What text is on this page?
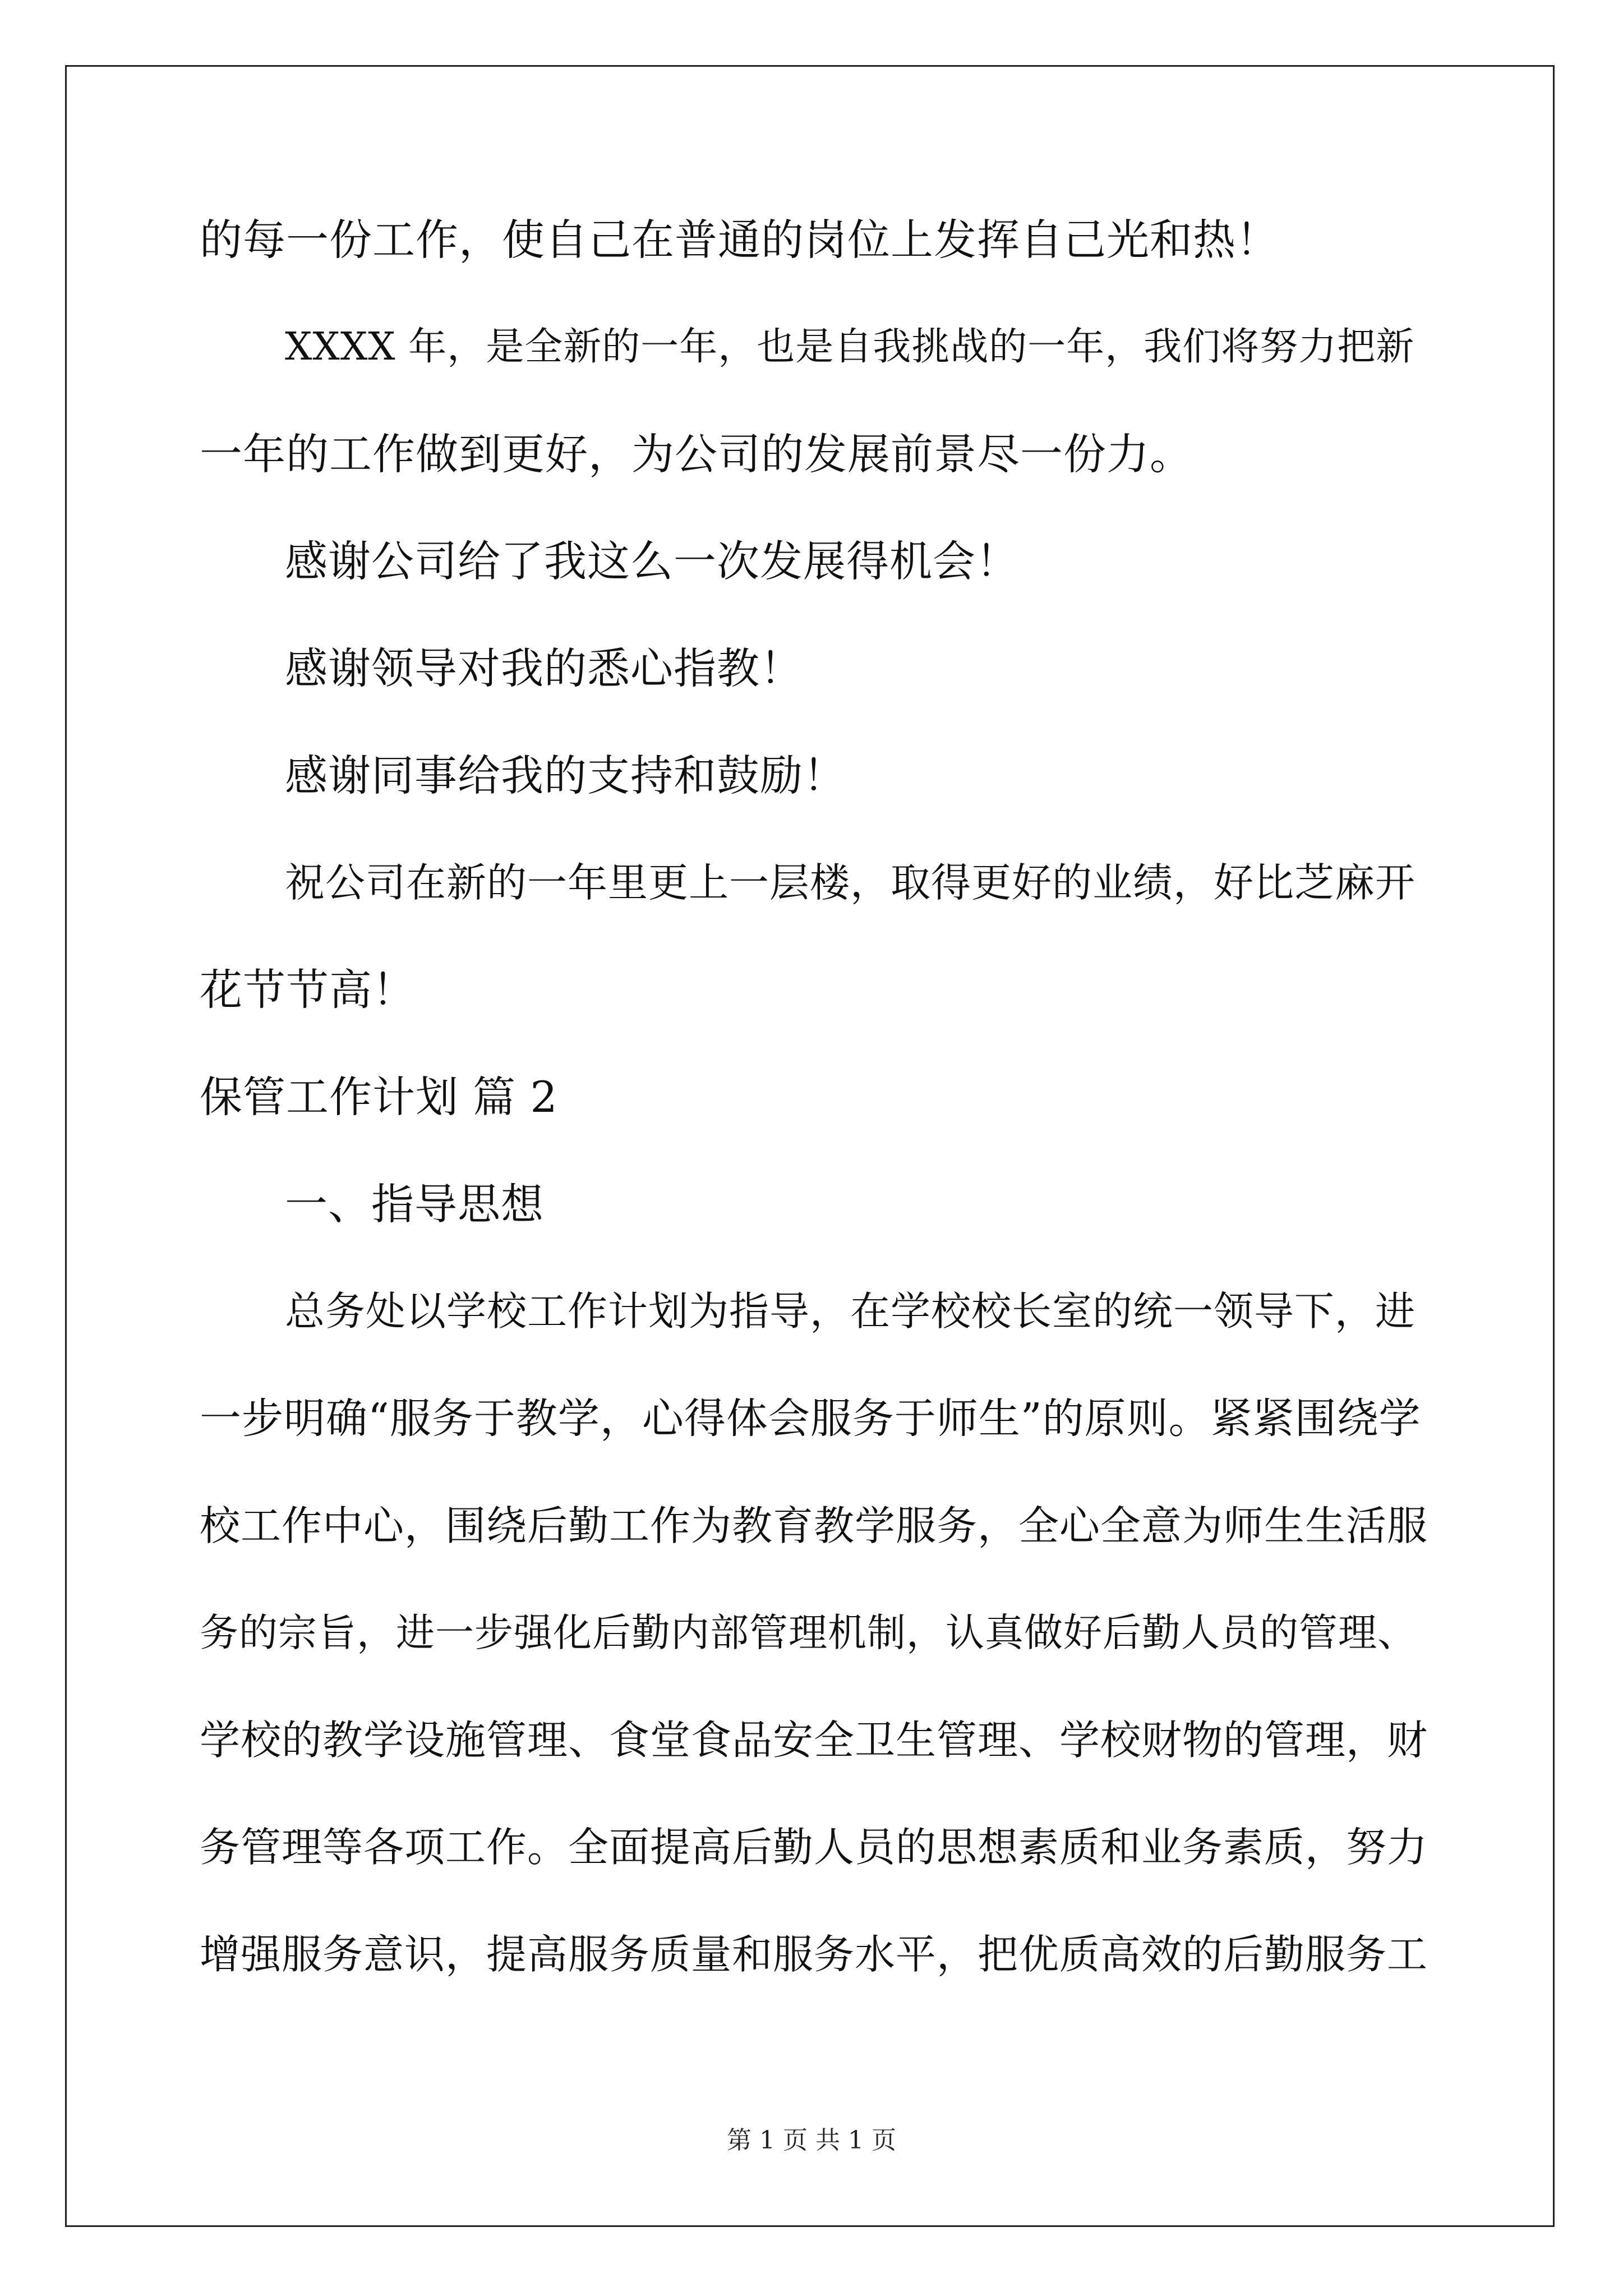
的每一份工作，使自己在普通的岗位上发挥自己光和热！
XXXX 年，是全新的一年，也是自我挑战的一年，我们将努力把新
一年的工作做到更好，为公司的发展前景尽一份力。
感谢公司给了我这么一次发展得机会！
感谢领导对我的悉心指教！
感谢同事给我的支持和鼓励！
祝公司在新的一年里更上一层楼，取得更好的业绩，好比芝麻开
花节节高！
保管工作计划 篇 2
一、指导思想
总务处以学校工作计划为指导，在学校校长室的统一领导下，进
一步明确“服务于教学，心得体会服务于师生”的原则。紧紧围绕学
校工作中心，围绕后勤工作为教育教学服务，全心全意为师生生活服
务的宗旨，进一步强化后勤内部管理机制，认真做好后勤人员的管理、
学校的教学设施管理、食堂食品安全卫生管理、学校财物的管理，财
务管理等各项工作。全面提高后勤人员的思想素质和业务素质，努力
增强服务意识，提高服务质量和服务水平，把优质高效的后勤服务工
第 1 页 共 1 页
